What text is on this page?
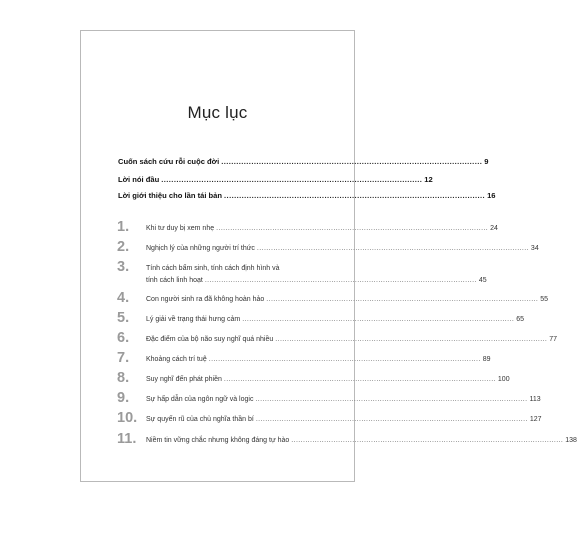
Mục lục
Cuốn sách cứu rỗi cuộc đời ........................................................................................................ 9
Lời nói đầu ........................................................................................................ 12
Lời giới thiệu cho lần tái bản ........................................................................................................ 16
1. Khi tư duy bị xem nhẹ .................................................................................................................... 24
2. Nghịch lý của những người trí thức .................................................................................................................... 34
3. Tính cách bẩm sinh, tính cách định hình và
tính cách linh hoạt .................................................................................................................... 45
4. Con người sinh ra đã không hoàn hảo .................................................................................................................... 55
5. Lý giải về trạng thái hưng cảm .................................................................................................................... 65
6. Đặc điểm của bộ não suy nghĩ quá nhiều .................................................................................................................... 77
7. Khoảng cách trí tuệ .................................................................................................................... 89
8. Suy nghĩ đến phát phiền .................................................................................................................... 100
9. Sự hấp dẫn của ngôn ngữ và logic .................................................................................................................... 113
10. Sự quyến rũ của chủ nghĩa thần bí .................................................................................................................... 127
11. Niềm tin vững chắc nhưng không đáng tự hào .................................................................................................................... 138
